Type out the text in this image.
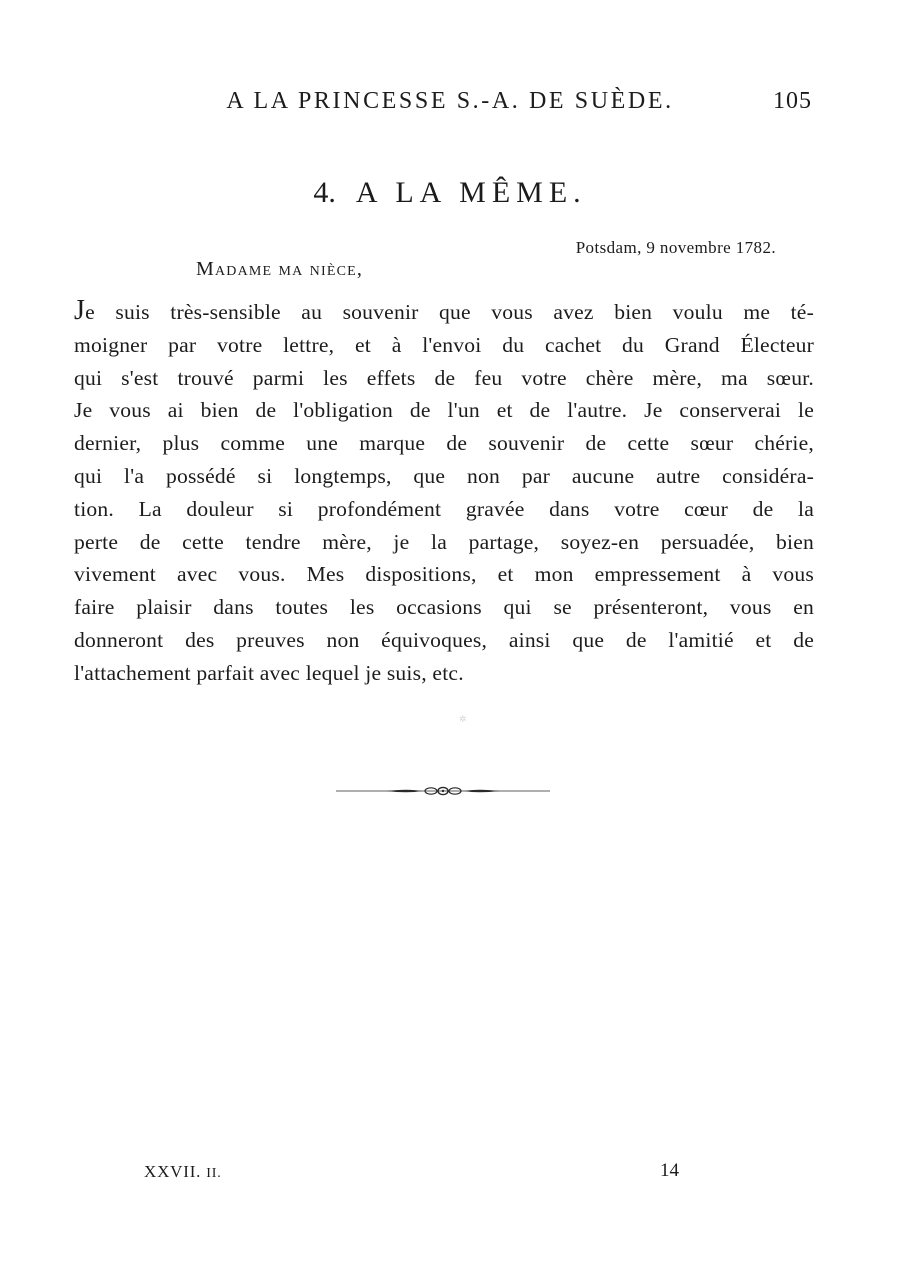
A LA PRINCESSE S.-A. DE SUÈDE.	105
4. A LA MÊME.
Potsdam, 9 novembre 1782.
Madame ma nièce,
Je suis très-sensible au souvenir que vous avez bien voulu me té-
moigner par votre lettre, et à l'envoi du cachet du Grand Électeur
qui s'est trouvé parmi les effets de feu votre chère mère, ma sœur.
Je vous ai bien de l'obligation de l'un et de l'autre. Je conserverai le
dernier, plus comme une marque de souvenir de cette sœur chérie,
qui l'a possédé si longtemps, que non par aucune autre considéra-
tion. La douleur si profondément gravée dans votre cœur de la
perte de cette tendre mère, je la partage, soyez-en persuadée, bien
vivement avec vous. Mes dispositions, et mon empressement à vous
faire plaisir dans toutes les occasions qui se présenteront, vous en
donneront des preuves non équivoques, ainsi que de l'amitié et de
l'attachement parfait avec lequel je suis, etc.
✲
XXVII. II.	14
